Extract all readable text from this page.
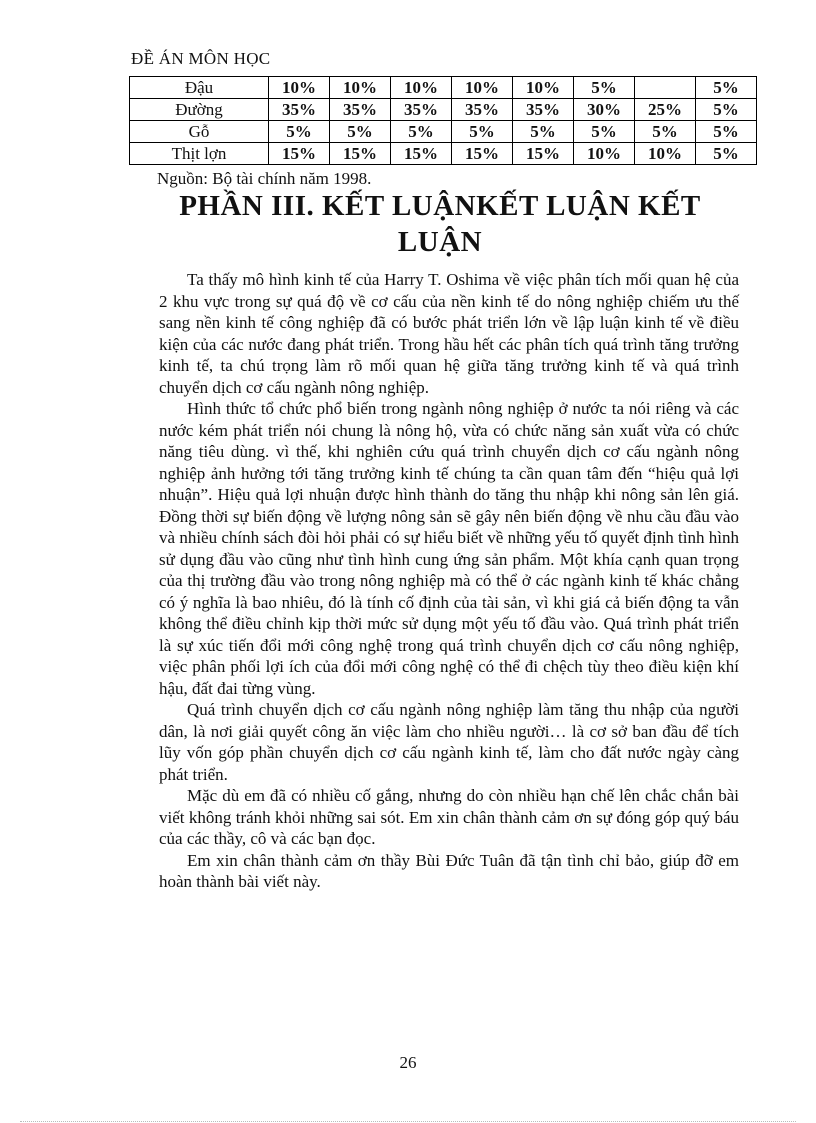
ĐỀ ÁN MÔN HỌC
Đậu	10%	10%	10%	10%	10%	5%		5%
Đường	35%	35%	35%	35%	35%	30%	25%	5%
Gỗ	5%	5%	5%	5%	5%	5%	5%	5%
Thịt lợn	15%	15%	15%	15%	15%	10%	10%	5%
Nguồn: Bộ tài chính năm 1998.
PHẦN III. KẾT LUẬNKẾT LUẬN KẾT LUẬN

Ta thấy mô hình kinh tế của Harry T. Oshima về việc phân tích mối quan hệ của 2 khu vực trong sự quá độ về cơ cấu của nền kinh tế do nông nghiệp chiếm ưu thế sang nền kinh tế công nghiệp đã có bước phát triển lớn về lập luận kinh tế về điều kiện của các nước đang phát triển. Trong hầu hết các phân tích quá trình tăng trưởng kinh tế, ta chú trọng làm rõ mối quan hệ giữa tăng trưởng kinh tế và quá trình chuyển dịch cơ cấu ngành nông nghiệp.

Hình thức tổ chức phổ biến trong ngành nông nghiệp ở nước ta nói riêng và các nước kém phát triển nói chung là nông hộ, vừa có chức năng sản xuất vừa có chức năng tiêu dùng. vì thế, khi nghiên cứu quá trình chuyển dịch cơ cấu ngành nông nghiệp ảnh hưởng tới tăng trưởng kinh tế chúng ta cần quan tâm đến “hiệu quả lợi nhuận”. Hiệu quả lợi nhuận được hình thành do tăng thu nhập khi nông sản lên giá. Đồng thời sự biến động về lượng nông sản sẽ gây nên biến động về nhu cầu đầu vào và nhiều chính sách đòi hỏi phải có sự hiểu biết về những yếu tố quyết định tình hình sử dụng đầu vào cũng như tình hình cung ứng sản phẩm. Một khía cạnh quan trọng của thị trường đầu vào trong nông nghiệp mà có thể ở các ngành kinh tế khác chẳng có ý nghĩa là bao nhiêu, đó là tính cố định của tài sản, vì khi giá cả biến động ta vẫn không thể điều chỉnh kịp thời mức sử dụng một yếu tố đầu vào. Quá trình phát triển là sự xúc tiến đổi mới công nghệ trong quá trình chuyển dịch cơ cấu nông nghiệp, việc phân phối lợi ích của đổi mới công nghệ có thể đi chệch tùy theo điều kiện khí hậu, đất đai từng vùng.

Quá trình chuyển dịch cơ cấu ngành nông nghiệp làm tăng thu nhập của người dân, là nơi giải quyết công ăn việc làm cho nhiều người… là cơ sở ban đầu để tích lũy vốn góp phần chuyển dịch cơ cấu ngành kinh tế, làm cho đất nước ngày càng phát triển.

Mặc dù em đã có nhiều cố gắng, nhưng do còn nhiều hạn chế lên chắc chắn bài viết không tránh khỏi những sai sót. Em xin chân thành cảm ơn sự đóng góp quý báu của các thầy, cô và các bạn đọc.

Em xin chân thành cảm ơn thầy Bùi Đức Tuân đã tận tình chỉ bảo, giúp đỡ em hoàn thành bài viết này.

26
